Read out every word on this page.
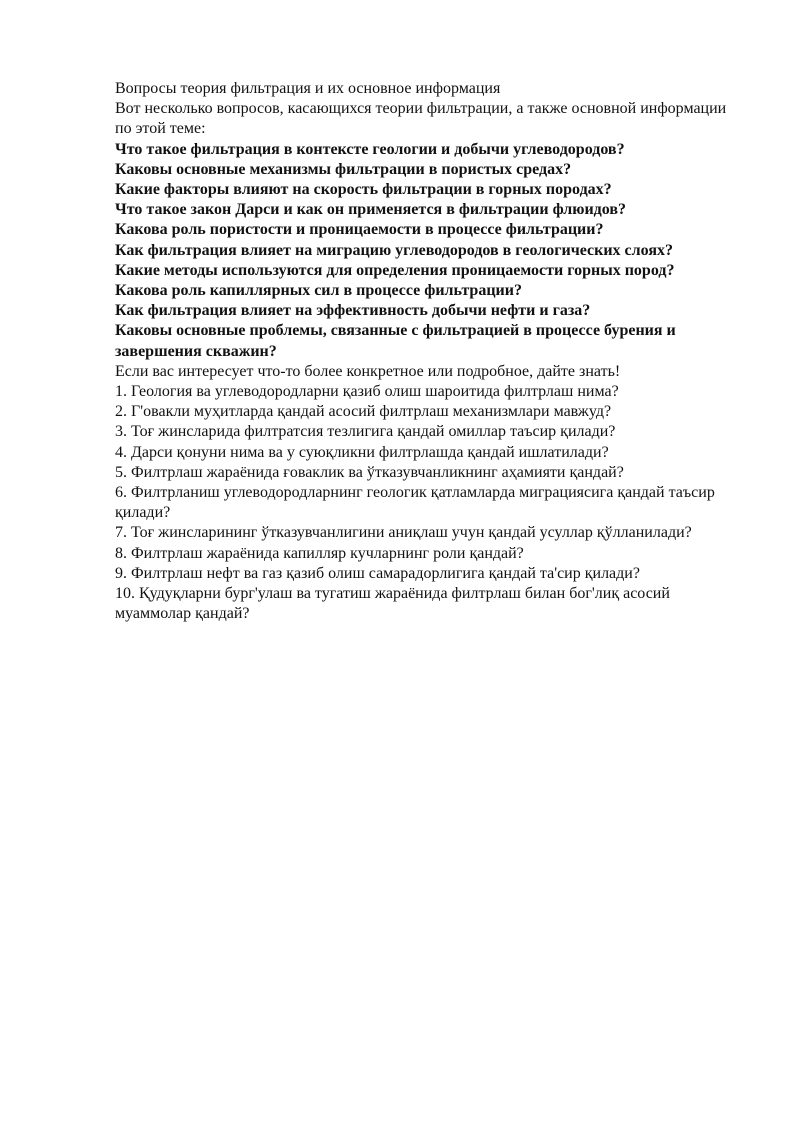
Вопросы теория фильтрация и их основное информация

Вот несколько вопросов, касающихся теории фильтрации, а также основной информации по этой теме:

Что такое фильтрация в контексте геологии и добычи углеводородов?

Каковы основные механизмы фильтрации в пористых средах?

Какие факторы влияют на скорость фильтрации в горных породах?

Что такое закон Дарси и как он применяется в фильтрации флюидов?

Какова роль пористости и проницаемости в процессе фильтрации?

Как фильтрация влияет на миграцию углеводородов в геологических слоях?

Какие методы используются для определения проницаемости горных пород?

Какова роль капиллярных сил в процессе фильтрации?

Как фильтрация влияет на эффективность добычи нефти и газа?

Каковы основные проблемы, связанные с фильтрацией в процессе бурения и завершения скважин?

Если вас интересует что-то более конкретное или подробное, дайте знать!

1. Геология ва углеводородларни қазиб олиш шароитида филтрлаш нима?

2. Г'овакли муҳитларда қандай асосий филтрлаш механизмлари мавжуд?

3. Тоғ жинсларида филтратсия тезлигига қандай омиллар таъсир қилади?

4. Дарси қонуни нима ва у суюқликни филтрлашда қандай ишлатилади?

5. Филтрлаш жараёнида ғоваклик ва ўтказувчанликнинг аҳамияти қандай?

6. Филтрланиш углеводородларнинг геологик қатламларда миграциясига қандай таъсир қилади?

7. Тоғ жинсларининг ўтказувчанлигини аниқлаш учун қандай усуллар қўлланилади?

8. Филтрлаш жараёнида капилляр кучларнинг роли қандай?

9. Филтрлаш нефт ва газ қазиб олиш самарадорлигига қандай та'сир қилади?

10. Қудуқларни бург'улаш ва тугатиш жараёнида филтрлаш билан бог'лиқ асосий муаммолар қандай?
